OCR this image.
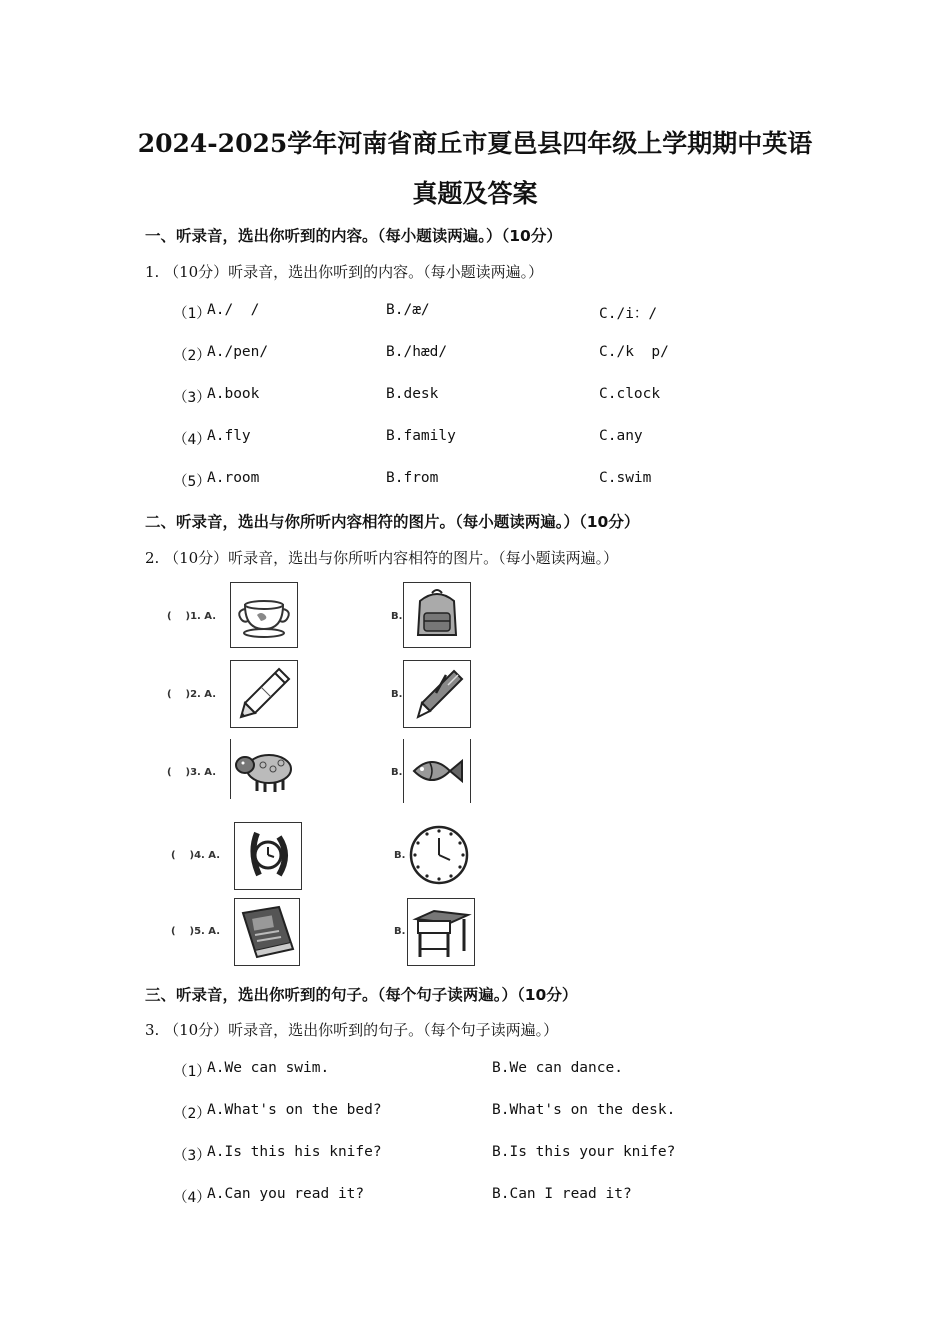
2024-2025学年河南省商丘市夏邑县四年级上学期期中英语
真题及答案
一、听录音，选出你听到的内容。（每小题读两遍。）（10分）
1. （10分）听录音，选出你听到的内容。（每小题读两遍。）
（1）
A./  /	B./æ/	C./i：/
（2）
A./pen/	B./hæd/	C./k  p/
（3）
A.book	B.desk	C.clock
（4）
A.fly	B.family	C.any
（5）
A.room	B.from	C.swim
二、听录音，选出与你所听内容相符的图片。（每小题读两遍。）（10分）
2. （10分）听录音，选出与你所听内容相符的图片。（每小题读两遍。）
(    )1. A.	B.
(    )2. A.	B.
(    )3. A.	B.
(    )4. A.	B.
(    )5. A.	B.
三、听录音，选出你听到的句子。（每个句子读两遍。）（10分）
3. （10分）听录音，选出你听到的句子。（每个句子读两遍。）
（1）
A.We can swim.	B.We can dance.
（2）
A.What's on the bed?	B.What's on the desk.
（3）
A.Is this his knife?	B.Is this your knife?
（4）
A.Can you read it?	B.Can I read it?
